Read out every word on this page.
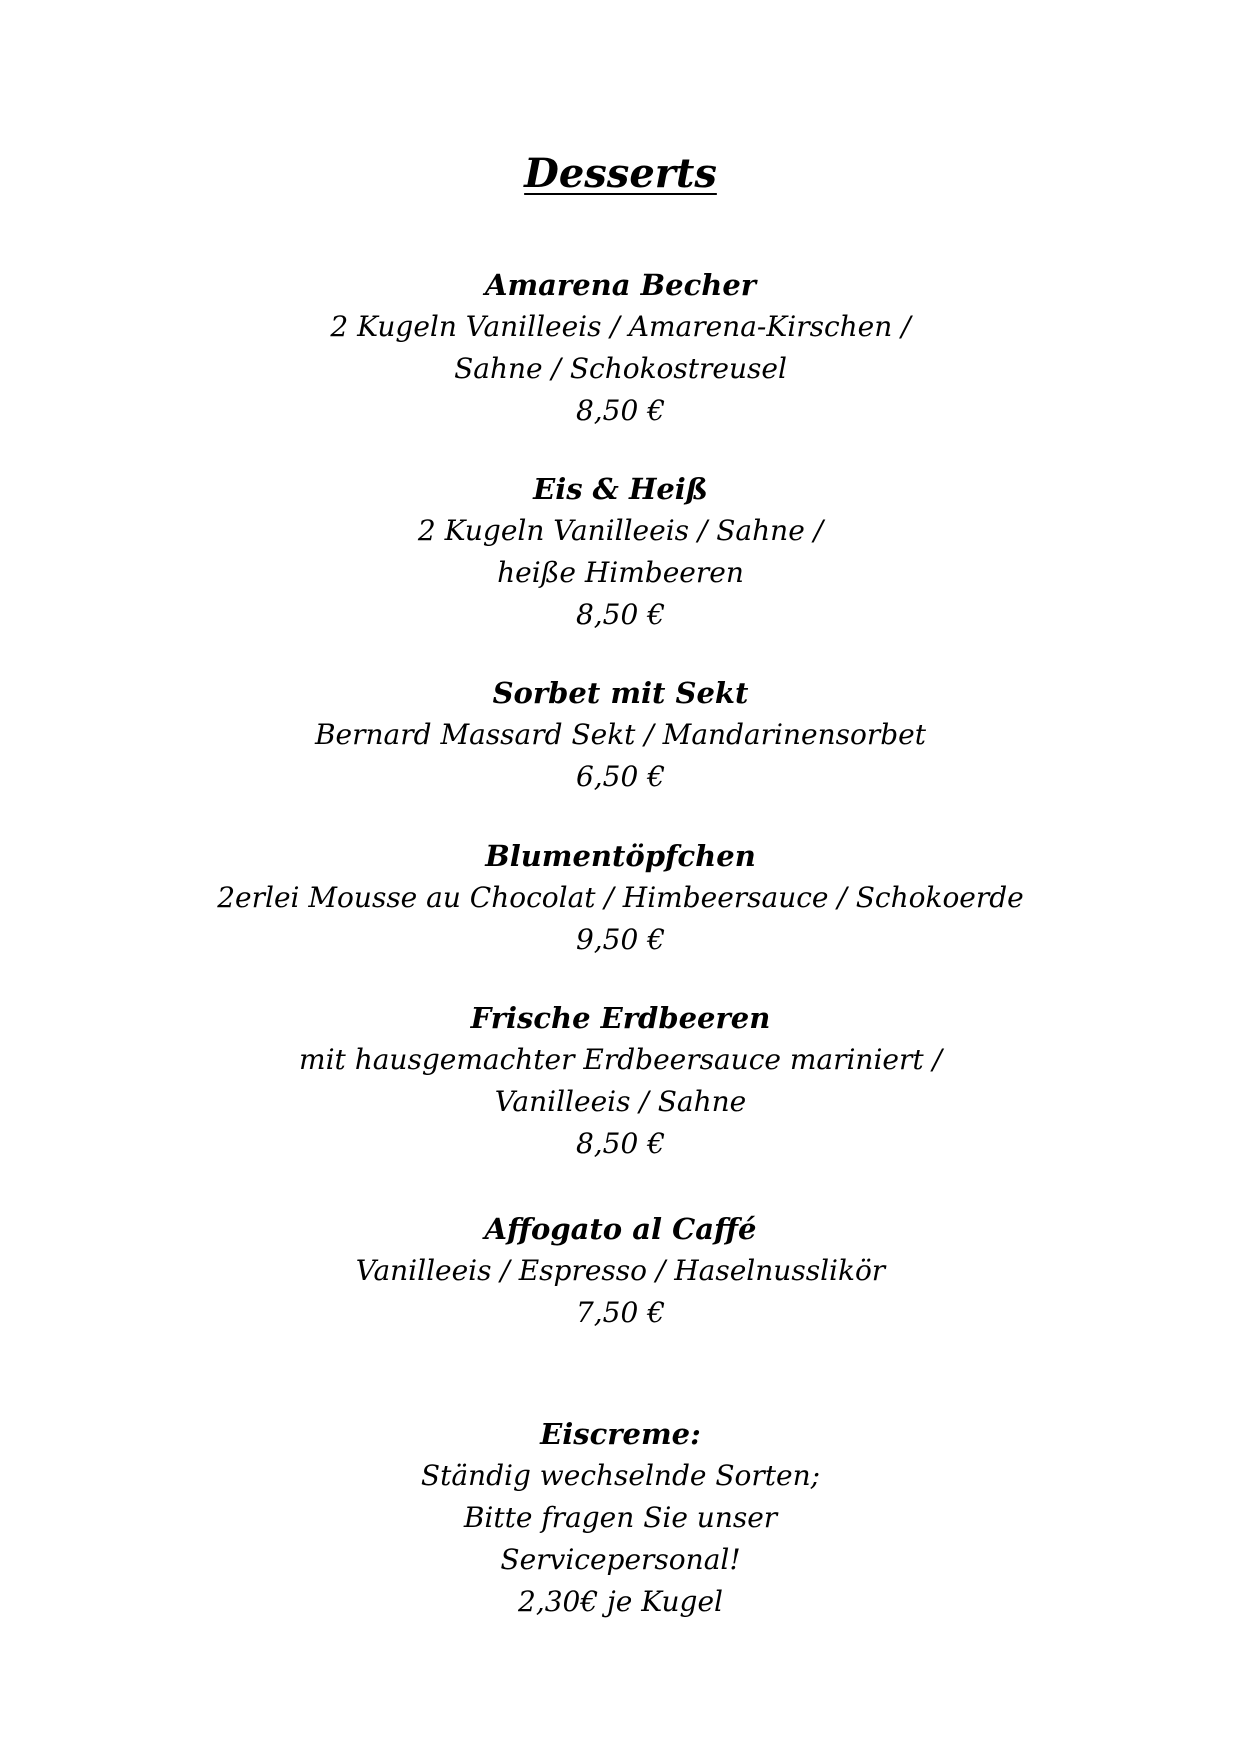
Desserts
Amarena Becher
2 Kugeln Vanilleeis / Amarena-Kirschen /
Sahne / Schokostreusel
8,50 €
Eis & Heiß
2 Kugeln Vanilleeis / Sahne /
heiße Himbeeren
8,50 €
Sorbet mit Sekt
Bernard Massard Sekt / Mandarinensorbet
6,50 €
Blumentöpfchen
2erlei Mousse au Chocolat / Himbeersauce / Schokoerde
9,50 €
Frische Erdbeeren
mit hausgemachter Erdbeersauce mariniert /
Vanilleeis / Sahne
8,50 €
Affogato al Caffé
Vanilleeis / Espresso / Haselnusslikör
7,50 €
Eiscreme:
Ständig wechselnde Sorten;
Bitte fragen Sie unser
Servicepersonal!
2,30€ je Kugel
